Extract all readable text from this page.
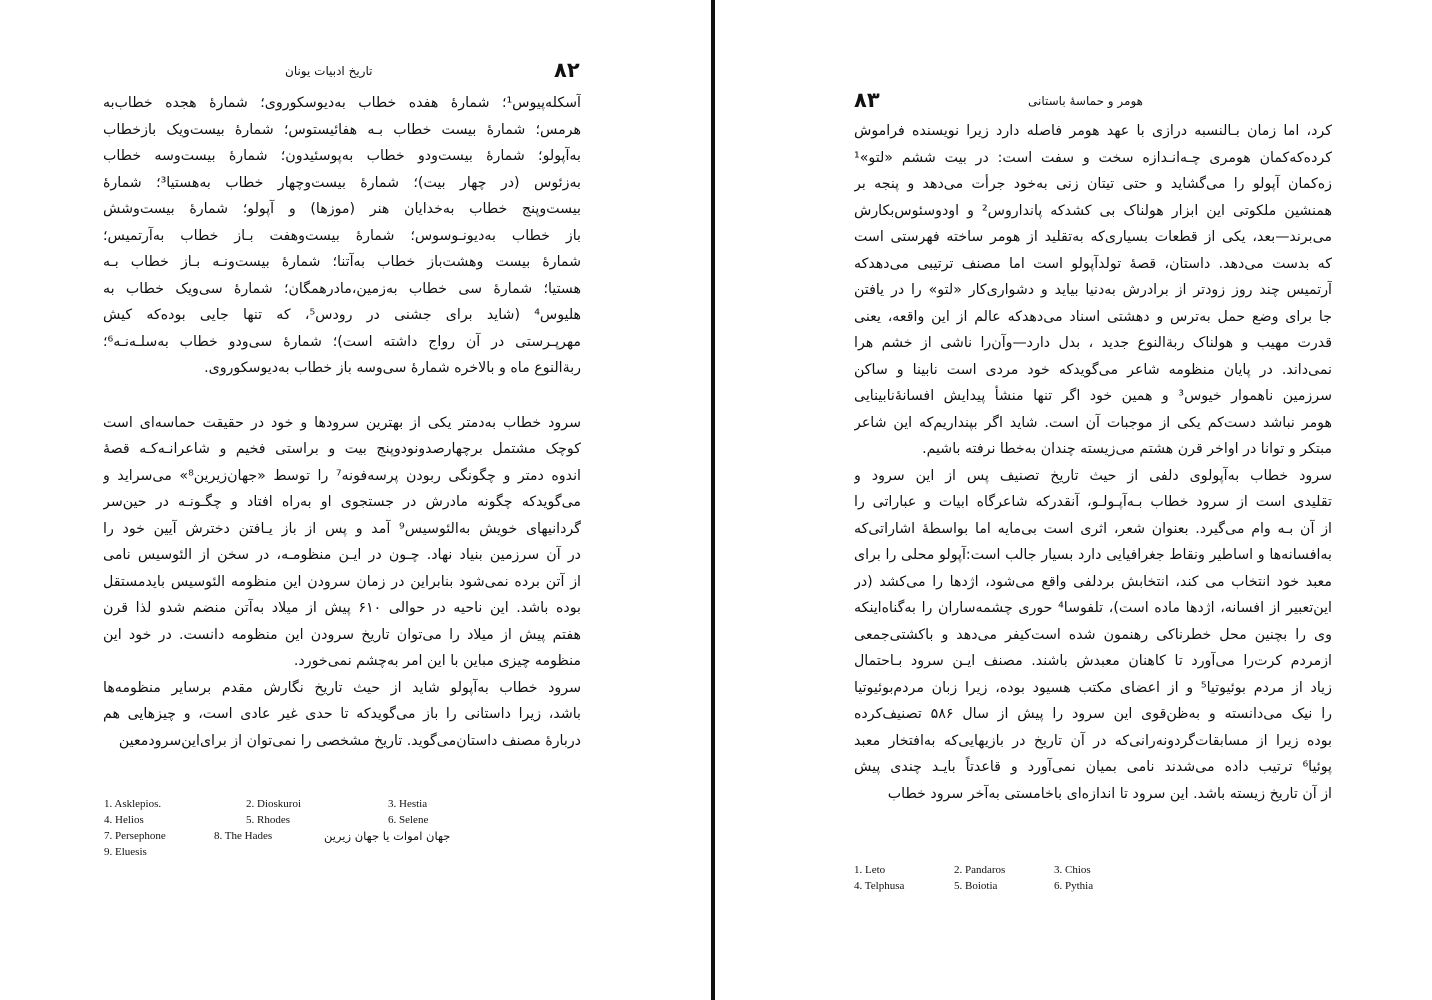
۸۲
تاریخ ادبیات یونان
آسکله‌پیوس¹؛ شمارهٔ هفده خطاب به‌دیوسکوروی؛ شمارهٔ هجده خطاب‌به
هرمس؛ شمارهٔ بیست خطاب بـه هفائیستوس؛ شمارهٔ بیست‌ویک بازخطاب
به‌آپولو؛ شمارهٔ بیست‌ودو خطاب به‌پوسئیدون؛ شمارهٔ بیست‌وسه خطاب
به‌زئوس (در چهار بیت)؛ شمارهٔ بیست‌وچهار خطاب به‌هستیا³؛ شمارهٔ
بیست‌وپنج خطاب به‌خدایان هنر (موزها) و آپولو؛ شمارهٔ بیست‌وشش
باز خطاب به‌دیونـوسوس؛ شمارهٔ بیست‌وهفت بـاز خطاب به‌آرتمیس؛
شمارهٔ بیست وهشت‌باز خطاب به‌آتنا؛ شمارهٔ بیست‌ونـه بـاز خطاب بـه
هستیا؛ شمارهٔ سی خطاب به‌زمین،مادرهمگان؛ شمارهٔ سی‌ویک خطاب به
هلیوس⁴ (شاید برای جشنی در رودس⁵، که تنها جایی بوده‌که کیش
مهرپـرستی در آن رواج داشته است)؛ شمارهٔ سی‌ودو خطاب به‌سلـه‌نـه⁶؛
ربةالنوع ماه و بالاخره شمارهٔ سی‌وسه باز خطاب به‌دیوسکوروی.
سرود خطاب به‌دمتر یکی از بهترین سرودها و خود در حقیقت حماسه‌ای است
کوچک مشتمل برچهارصدونودوپنج بیت و براستی فخیم و شاعرانـه‌کـه قصهٔ
اندوه دمتر و چگونگی ربودن پرسه‌فونه⁷ را توسط «جهان‌زیرین⁸» می‌سراید و
می‌گوید‌که چگونه مادرش در جستجوی او به‌راه افتاد و چگـونـه در حین‌سر‌
گردانیهای خویش به‌الئوسیس⁹ آمد و پس از باز یـافتن دخترش آیین خود را
در آن سرزمین بنیاد نهاد. چـون در ایـن منظومـه، در سخن از الئوسیس نامی
از آتن برده نمی‌شود بنابراین در زمان سرودن این منظومه الئوسیس باید‌مستقل
بوده باشد. این ناحیه در حوالی ۶۱۰ پیش از میلاد به‌آتن منضم شدو لذا قرن
هفتم پیش از میلاد را می‌توان تاریخ سرودن این منظومه دانست. در خود این
منظومه چیزی مباین با این امر به‌چشم نمی‌خورد.
سرود خطاب به‌آپولو شاید از حیث تاریخ نگارش مقدم برسایر منظومه‌ها
باشد، زیرا داستانی را باز می‌گوید‌که تا حدی غیر عادی است، و چیزهایی هم
دربارهٔ مصنف داستان‌می‌گوید. تاریخ مشخصی را نمی‌توان از برای‌این‌سرودمعین
1. Asklepios.	2. Dioskuroi	3. Hestia
4. Helios	5. Rhodes	6. Selene
7. Persephone	8. The Hades	جهان اموات یا جهان زیرین
9. Eluesis
۸۳	هومر و حماسهٔ باستانی
کرد، اما زمان بـالنسبه درازی با عهد هومر فاصله دارد زیرا نویسنده فراموش
کرده‌که‌کمان هومری چـه‌انـدازه سخت و سفت است: در بیت ششم «لتو»¹
زه‌کمان آپولو را می‌گشاید و حتی تیتان زنی به‌خود جرأت می‌دهد و پنجه بر
همنشین ملکوتی این ابزار هولناک بی کشد‌که پانداروس² و اودوسئوس‌بکارش
می‌برند—بعد، یکی از قطعات بسیاری‌که به‌تقلید از هومر ساخته فهرستی است
که بدست می‌دهد. داستان، قصهٔ تولدآپولو است اما مصنف ترتیبی می‌دهد‌که
آرتمیس چند روز زودتر از برادرش به‌دنیا بیاید و دشواری‌کار «لتو» را در یافتن
جا برای وضع حمل به‌ترس و دهشتی اسناد می‌دهد‌که عالم از این واقعه، یعنی
قدرت مهیب و هولناک ربةالنوع جدید ، بدل دارد—وآن‌را ناشی از خشم هرا
نمی‌داند. در پایان منظومه شاعر می‌گوید‌که خود مردی است نابینا و ساکن
سرزمین ناهموار خیوس³ و همین خود اگر تنها منشأ پیدایش افسانهٔ‌نابینایی
هومر نباشد دست‌کم یکی از موجبات آن است. شاید اگر بپنداریم‌که این شاعر
مبتکر و توانا در اواخر قرن هشتم می‌زیسته چندان به‌خطا نرفته باشیم.
سرود خطاب به‌آپولوی دلفی از حیث تاریخ تصنیف پس از این سرود و
تقلیدی است از سرود خطاب بـه‌آپـولـو، آنقدرکه شاعرگاه ابیات و عباراتی را
از آن بـه وام می‌گیرد. بعنوان شعر، اثری است بی‌مایه اما بواسطهٔ اشاراتی‌که
به‌افسانه‌ها و اساطیر ونقاط جغرافیایی دارد بسیار جالب است:آپولو محلی را برای
معبد خود انتخاب می کند، انتخابش بردلفی واقع می‌شود، اژدها را می‌کشد (در
این‌تعبیر از افسانه، اژدها ماده است)، تلفوسا⁴ حوری چشمه‌ساران را به‌گناه‌اینکه
وی را بچنین محل خطرناکی رهنمون شده است‌کیفر می‌دهد و باکشتی‌جمعی
ازمردم کرت‌را می‌آورد تا کاهنان معبدش باشند. مصنف ایـن سرود بـاحتمال
زیاد از مردم بوئیوتیا⁵ و از اعضای مکتب هسیود بوده، زیرا زبان مردم‌بوئیوتیا
را نیک می‌دانسته و به‌ظن‌قوی این سرود را پیش از سال ۵۸۶ تصنیف‌کرده
بوده زیرا از مسابقات‌گردونه‌رانی‌که در آن تاریخ در بازیهایی‌که به‌افتخار معبد
پوئیا⁶ ترتیب داده می‌شدند نامی بمیان نمی‌آورد و قاعدتاً بایـد چندی پیش
از آن تاریخ زیسته باشد. این سرود تا اندازه‌ای باخامستی به‌آخر سرود خطاب
1. Leto	2. Pandaros	3. Chios
4. Telphusa	5. Boiotia	6. Pythia
